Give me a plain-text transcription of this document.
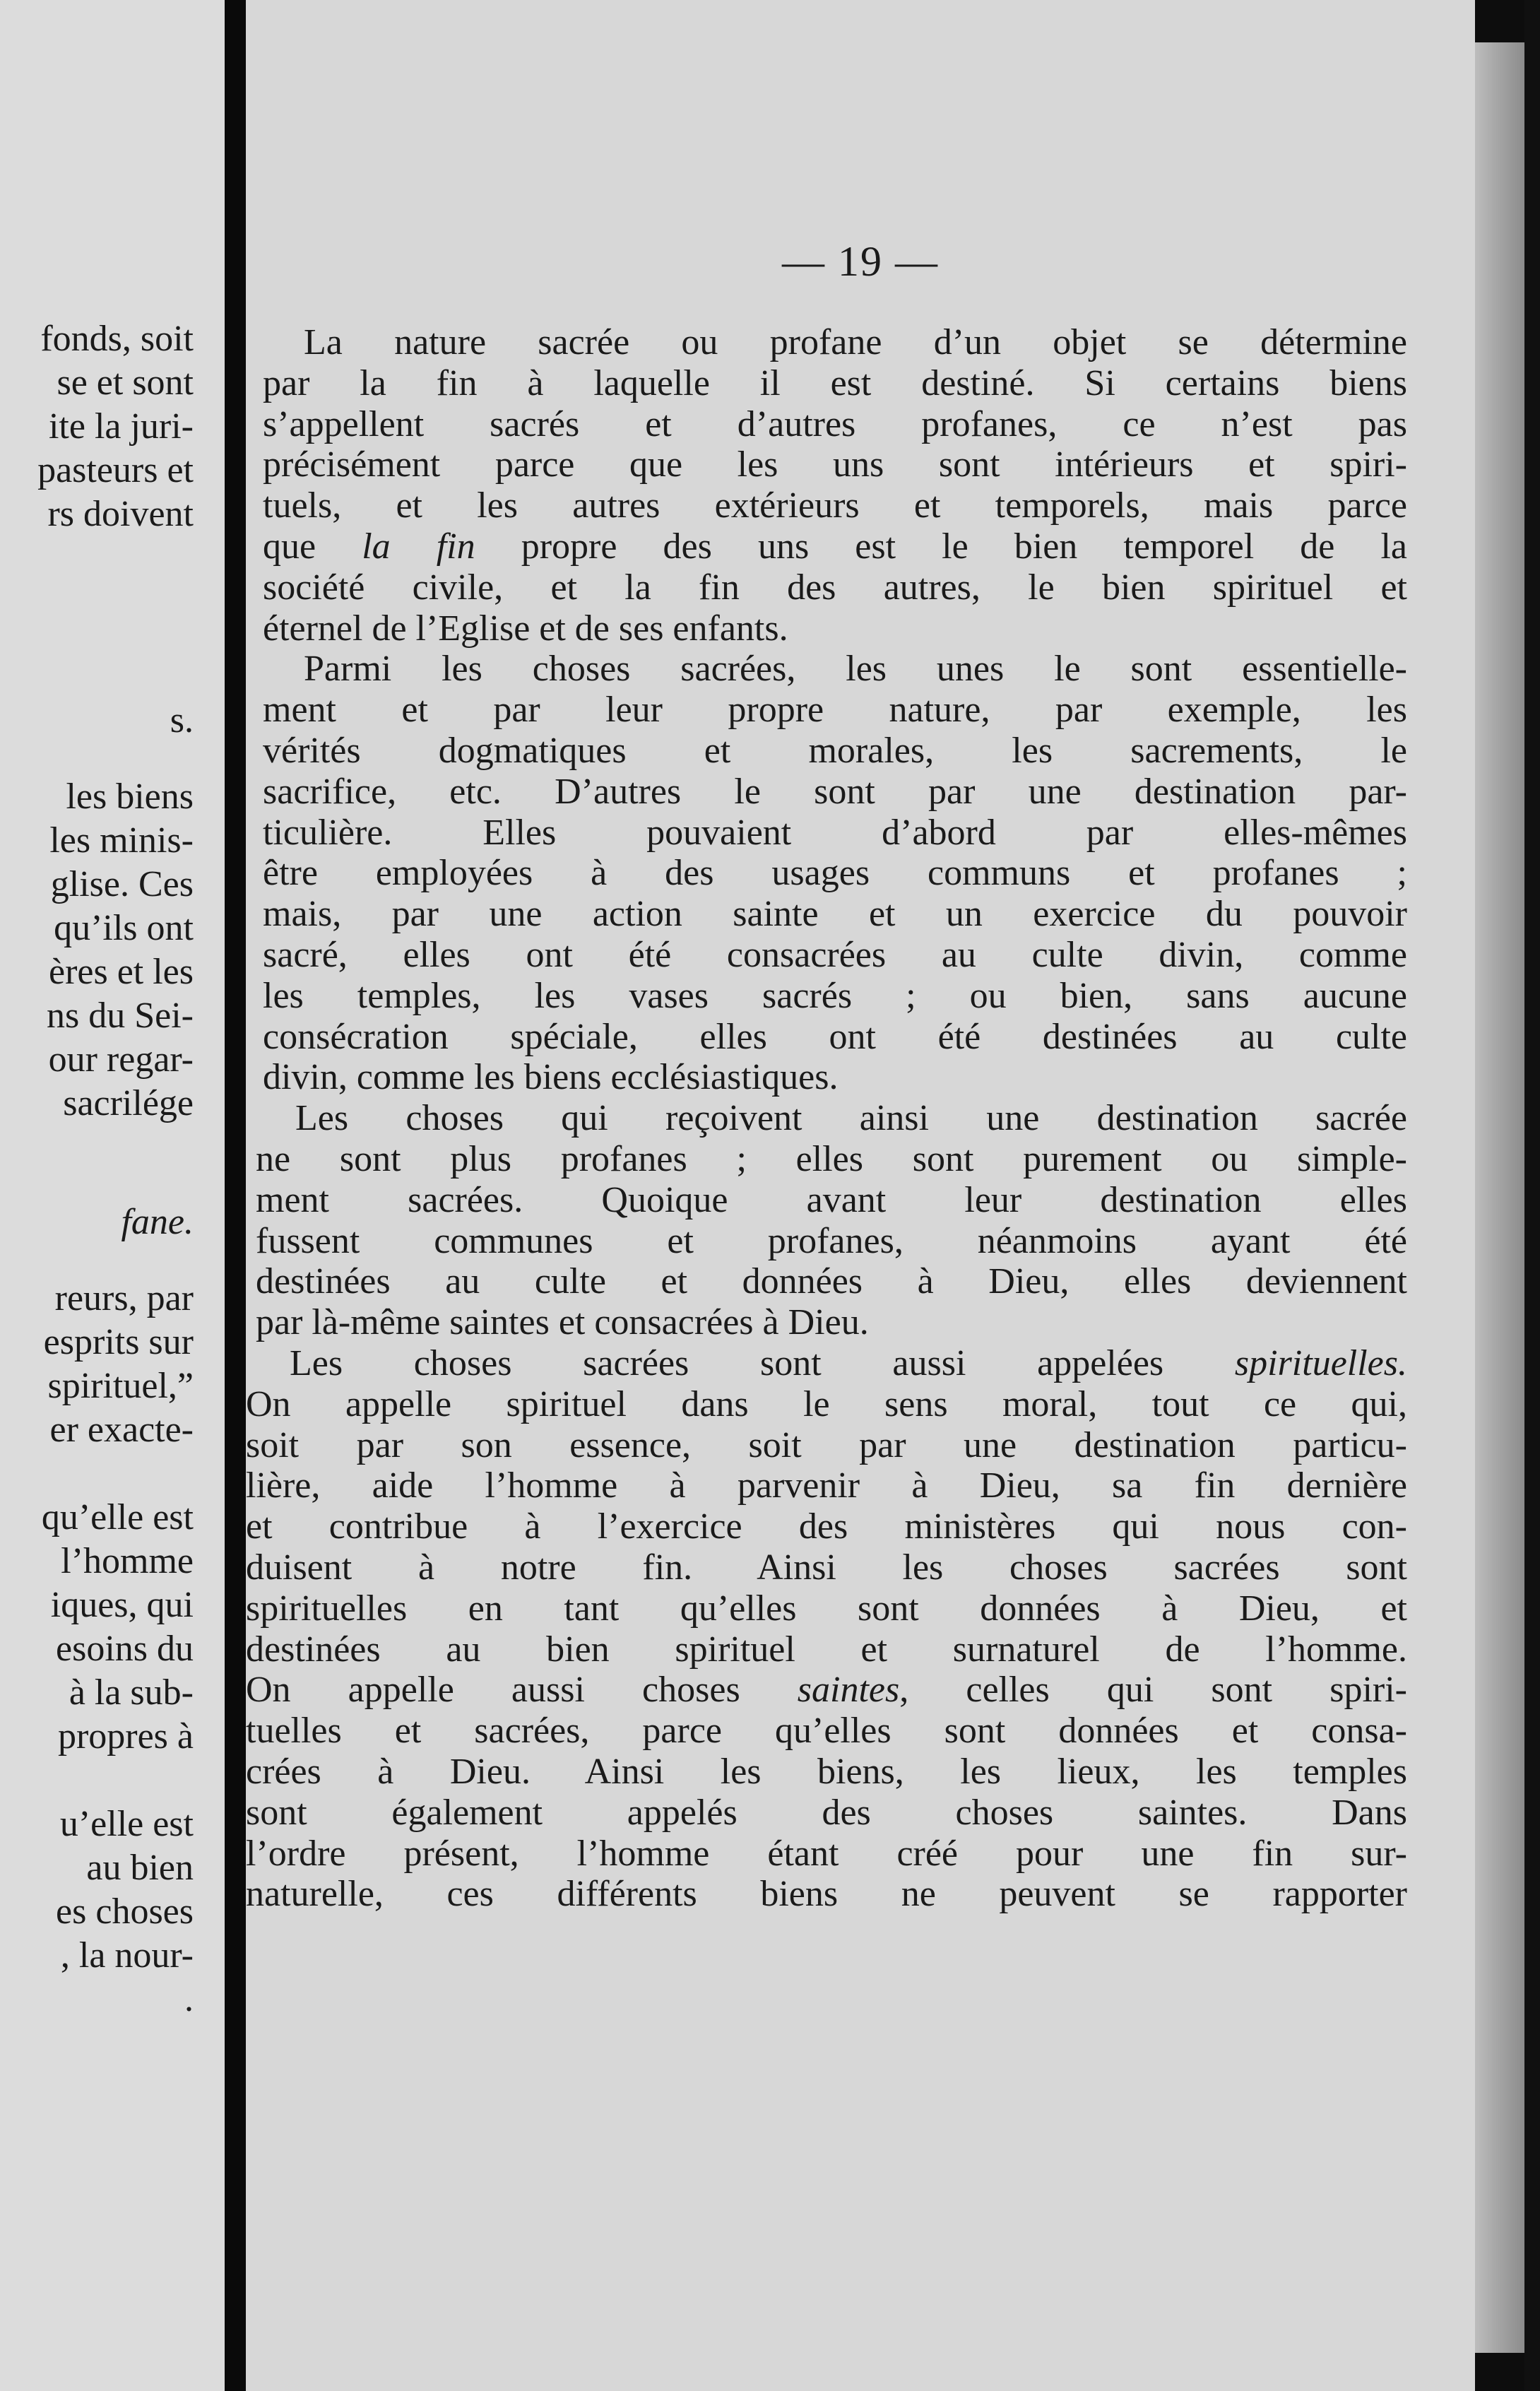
fonds, soit
se et sont
ite la juri-
pasteurs et
rs doivent
s.
les biens
les minis-
glise. Ces
qu’ils ont
ères et les
ns du Sei-
our regar-
sacrilége
fane.
reurs, par
esprits sur
spirituel,”
er exacte-
qu’elle est
l’homme
iques, qui
esoins du
à la sub-
propres à
u’elle est
au bien
es choses
, la nour-
.
— 19 —
La nature sacrée ou profane d’un objet se détermine
par la fin à laquelle il est destiné. Si certains biens
s’appellent sacrés et d’autres profanes, ce n’est pas
précisément parce que les uns sont intérieurs et spiri-
tuels, et les autres extérieurs et temporels, mais parce
que la fin propre des uns est le bien temporel de la
société civile, et la fin des autres, le bien spirituel et
éternel de l’Eglise et de ses enfants.
Parmi les choses sacrées, les unes le sont essentielle-
ment et par leur propre nature, par exemple, les
vérités dogmatiques et morales, les sacrements, le
sacrifice, etc. D’autres le sont par une destination par-
ticulière. Elles pouvaient d’abord par elles-mêmes
être employées à des usages communs et profanes ;
mais, par une action sainte et un exercice du pouvoir
sacré, elles ont été consacrées au culte divin, comme
les temples, les vases sacrés ; ou bien, sans aucune
consécration spéciale, elles ont été destinées au culte
divin, comme les biens ecclésiastiques.
Les choses qui reçoivent ainsi une destination sacrée
ne sont plus profanes ; elles sont purement ou simple-
ment sacrées. Quoique avant leur destination elles
fussent communes et profanes, néanmoins ayant été
destinées au culte et données à Dieu, elles deviennent
par là-même saintes et consacrées à Dieu.
Les choses sacrées sont aussi appelées spirituelles.
On appelle spirituel dans le sens moral, tout ce qui,
soit par son essence, soit par une destination particu-
lière, aide l’homme à parvenir à Dieu, sa fin dernière
et contribue à l’exercice des ministères qui nous con-
duisent à notre fin. Ainsi les choses sacrées sont
spirituelles en tant qu’elles sont données à Dieu, et
destinées au bien spirituel et surnaturel de l’homme.
On appelle aussi choses saintes, celles qui sont spiri-
tuelles et sacrées, parce qu’elles sont données et consa-
crées à Dieu. Ainsi les biens, les lieux, les temples
sont également appelés des choses saintes. Dans
l’ordre présent, l’homme étant créé pour une fin sur-
naturelle, ces différents biens ne peuvent se rapporter
